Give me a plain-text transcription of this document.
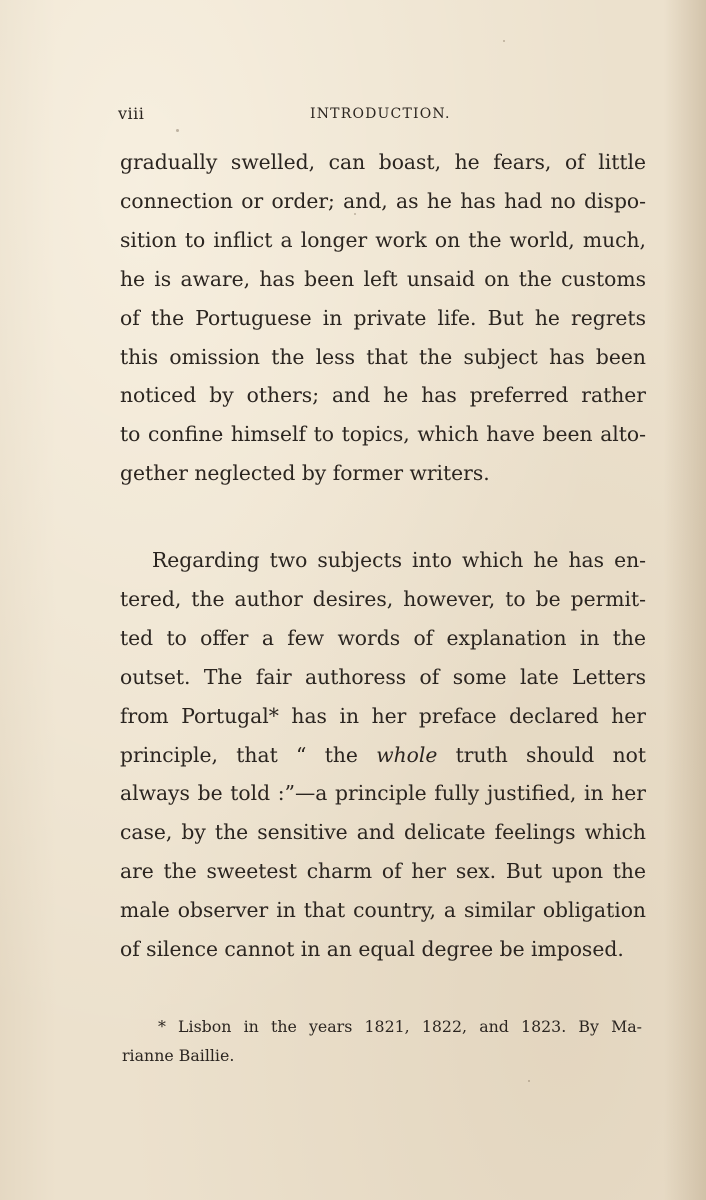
viii	INTRODUCTION.
gradually swelled, can boast, he fears, of little
connection or order; and, as he has had no dispo-
sition to inflict a longer work on the world, much,
he is aware, has been left unsaid on the customs
of the Portuguese in private life. But he regrets
this omission the less that the subject has been
noticed by others; and he has preferred rather
to confine himself to topics, which have been alto-
gether neglected by former writers.
Regarding two subjects into which he has en-
tered, the author desires, however, to be permit-
ted to offer a few words of explanation in the
outset. The fair authoress of some late Letters
from Portugal* has in her preface declared her
principle, that “ the whole truth should not
always be told :”—a principle fully justified, in her
case, by the sensitive and delicate feelings which
are the sweetest charm of her sex. But upon the
male observer in that country, a similar obligation
of silence cannot in an equal degree be imposed.
* Lisbon in the years 1821, 1822, and 1823. By Ma-
rianne Baillie.
